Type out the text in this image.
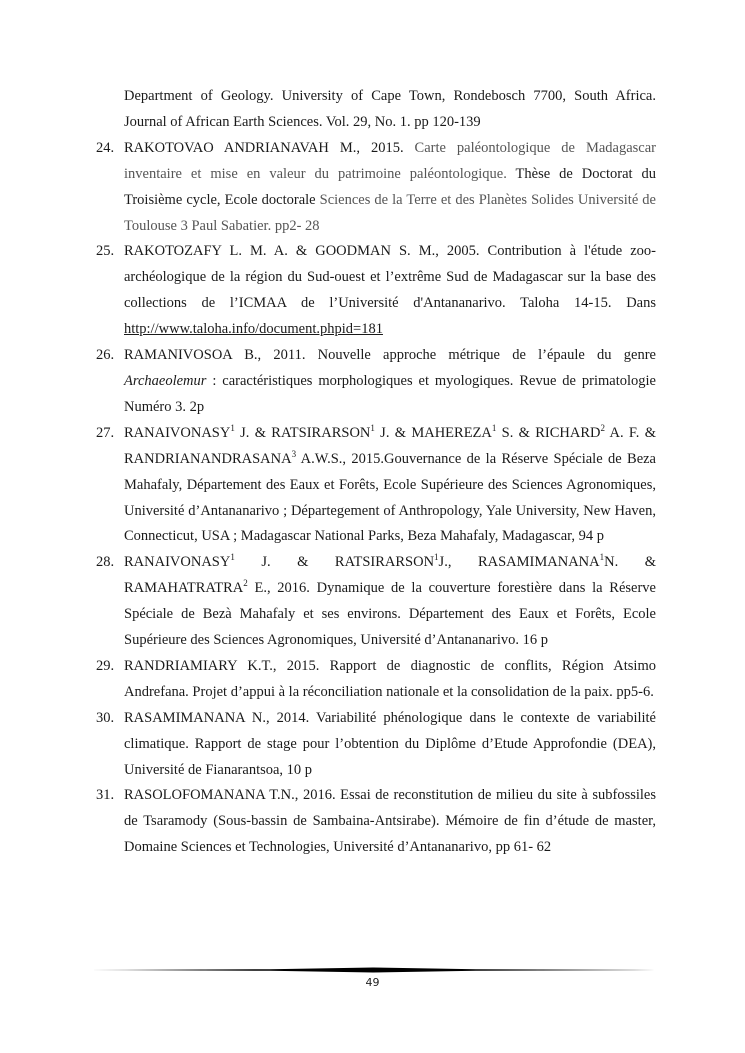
Department of Geology. University of Cape Town, Rondebosch 7700, South Africa.
Journal of African Earth Sciences. Vol. 29, No. 1. pp 120-139
24. RAKOTOVAO ANDRIANAVAH M., 2015. Carte paléontologique de Madagascar inventaire et mise en valeur du patrimoine paléontologique. Thèse de Doctorat du Troisième cycle, Ecole doctorale Sciences de la Terre et des Planètes Solides Université de Toulouse 3 Paul Sabatier. pp2- 28
25. RAKOTOZAFY L. M. A. & GOODMAN S. M., 2005. Contribution à l'étude zoo-archéologique de la région du Sud-ouest et l’extrême Sud de Madagascar sur la base des collections de l’ICMAA de l’Université d'Antananarivo. Taloha 14-15. Dans http://www.taloha.info/document.phpid=181
26. RAMANIVOSOA B., 2011. Nouvelle approche métrique de l’épaule du genre Archaeolemur : caractéristiques morphologiques et myologiques. Revue de primatologie Numéro 3. 2p
27. RANAIVONASY$^1$ J. & RATSIRARSON$^1$ J. & MAHEREZA$^1$ S. & RICHARD$^2$ A. F. & RANDRIANANDRASANA$^3$ A.W.S., 2015.Gouvernance de la Réserve Spéciale de Beza Mahafaly, Département des Eaux et Forêts, Ecole Supérieure des Sciences Agronomiques, Université d’Antananarivo ; Départegement of Anthropology, Yale University, New Haven, Connecticut, USA ; Madagascar National Parks, Beza Mahafaly, Madagascar, 94 p
28. RANAIVONASY$^1$ J. & RATSIRARSON$^1$J., RASAMIMANANA$^1$N. & RAMAHATRATRA$^2$ E., 2016. Dynamique de la couverture forestière dans la Réserve Spéciale de Bezà Mahafaly et ses environs. Département des Eaux et Forêts, Ecole Supérieure des Sciences Agronomiques, Université d’Antananarivo. 16 p
29. RANDRIAMIARY K.T., 2015. Rapport de diagnostic de conflits, Région Atsimo Andrefana. Projet d’appui à la réconciliation nationale et la consolidation de la paix. pp5-6.
30. RASAMIMANANA N., 2014. Variabilité phénologique dans le contexte de variabilité climatique. Rapport de stage pour l’obtention du Diplôme d’Etude Approfondie (DEA), Université de Fianarantsoa, 10 p
31. RASOLOFOMANANA T.N., 2016. Essai de reconstitution de milieu du site à subfossiles de Tsaramody (Sous-bassin de Sambaina-Antsirabe). Mémoire de fin d’étude de master, Domaine Sciences et Technologies, Université d’Antananarivo, pp 61- 62
49
